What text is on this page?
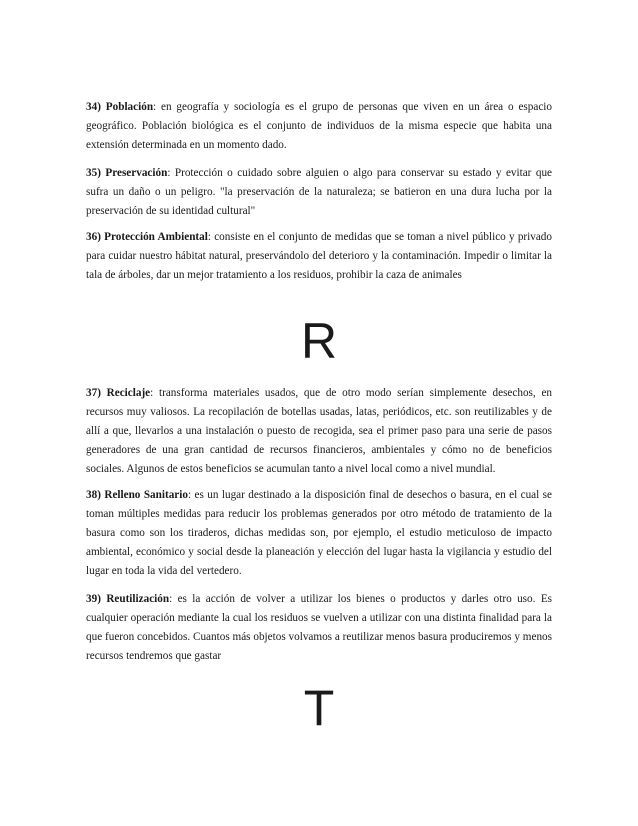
34) Población: en geografía y sociología es el grupo de personas que viven en un área o espacio geográfico. Población biológica es el conjunto de individuos de la misma especie que habita una extensión determinada en un momento dado.

35) Preservación: Protección o cuidado sobre alguien o algo para conservar su estado y evitar que sufra un daño o un peligro. "la preservación de la naturaleza; se batieron en una dura lucha por la preservación de su identidad cultural"

36) Protección Ambiental: consiste en el conjunto de medidas que se toman a nivel público y privado para cuidar nuestro hábitat natural, preservándolo del deterioro y la contaminación. Impedir o limitar la tala de árboles, dar un mejor tratamiento a los residuos, prohibir la caza de animales

R

37) Reciclaje: transforma materiales usados, que de otro modo serían simplemente desechos, en recursos muy valiosos. La recopilación de botellas usadas, latas, periódicos, etc. son reutilizables y de allí a que, llevarlos a una instalación o puesto de recogida, sea el primer paso para una serie de pasos generadores de una gran cantidad de recursos financieros, ambientales y cómo no de beneficios sociales. Algunos de estos beneficios se acumulan tanto a nivel local como a nivel mundial.

38) Relleno Sanitario: es un lugar destinado a la disposición final de desechos o basura, en el cual se toman múltiples medidas para reducir los problemas generados por otro método de tratamiento de la basura como son los tiraderos, dichas medidas son, por ejemplo, el estudio meticuloso de impacto ambiental, económico y social desde la planeación y elección del lugar hasta la vigilancia y estudio del lugar en toda la vida del vertedero.

39) Reutilización: es la acción de volver a utilizar los bienes o productos y darles otro uso. Es cualquier operación mediante la cual los residuos se vuelven a utilizar con una distinta finalidad para la que fueron concebidos. Cuantos más objetos volvamos a reutilizar menos basura produciremos y menos recursos tendremos que gastar

T
